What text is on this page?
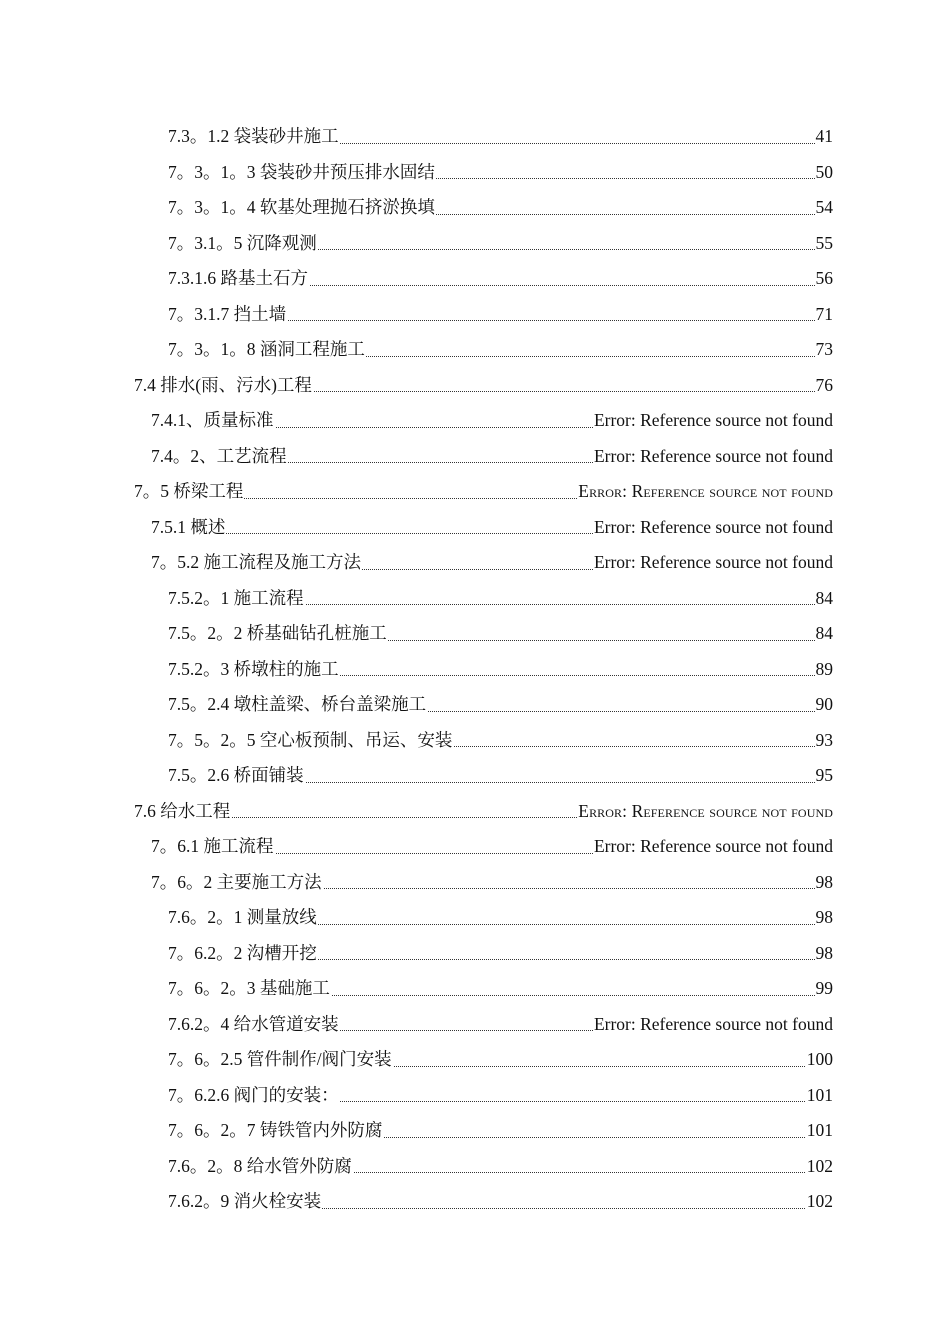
7.3。1.2 袋装砂井施工	41
7。3。1。3 袋装砂井预压排水固结	50
7。3。1。4 软基处理抛石挤淤换填	54
7。3.1。5 沉降观测	55
7.3.1.6 路基土石方	56
7。3.1.7 挡土墙	71
7。3。1。8 涵洞工程施工	73
7.4 排水(雨、污水)工程	76
7.4.1、质量标准	Error: Reference source not found
7.4。2、工艺流程	Error: Reference source not found
7。5 桥梁工程	Error: Reference source not found
7.5.1 概述	Error: Reference source not found
7。5.2 施工流程及施工方法	Error: Reference source not found
7.5.2。1 施工流程	84
7.5。2。2 桥基础钻孔桩施工	84
7.5.2。3 桥墩柱的施工	89
7.5。2.4 墩柱盖梁、桥台盖梁施工	90
7。5。2。5 空心板预制、吊运、安装	93
7.5。2.6 桥面铺装	95
7.6 给水工程	Error: Reference source not found
7。6.1 施工流程	Error: Reference source not found
7。6。2 主要施工方法	98
7.6。2。1 测量放线	98
7。6.2。2 沟槽开挖	98
7。6。2。3 基础施工	99
7.6.2。4 给水管道安装	Error: Reference source not found
7。6。2.5 管件制作/阀门安装	100
7。6.2.6 阀门的安装：	101
7。6。2。7 铸铁管内外防腐	101
7.6。2。8 给水管外防腐	102
7.6.2。9 消火栓安装	102
